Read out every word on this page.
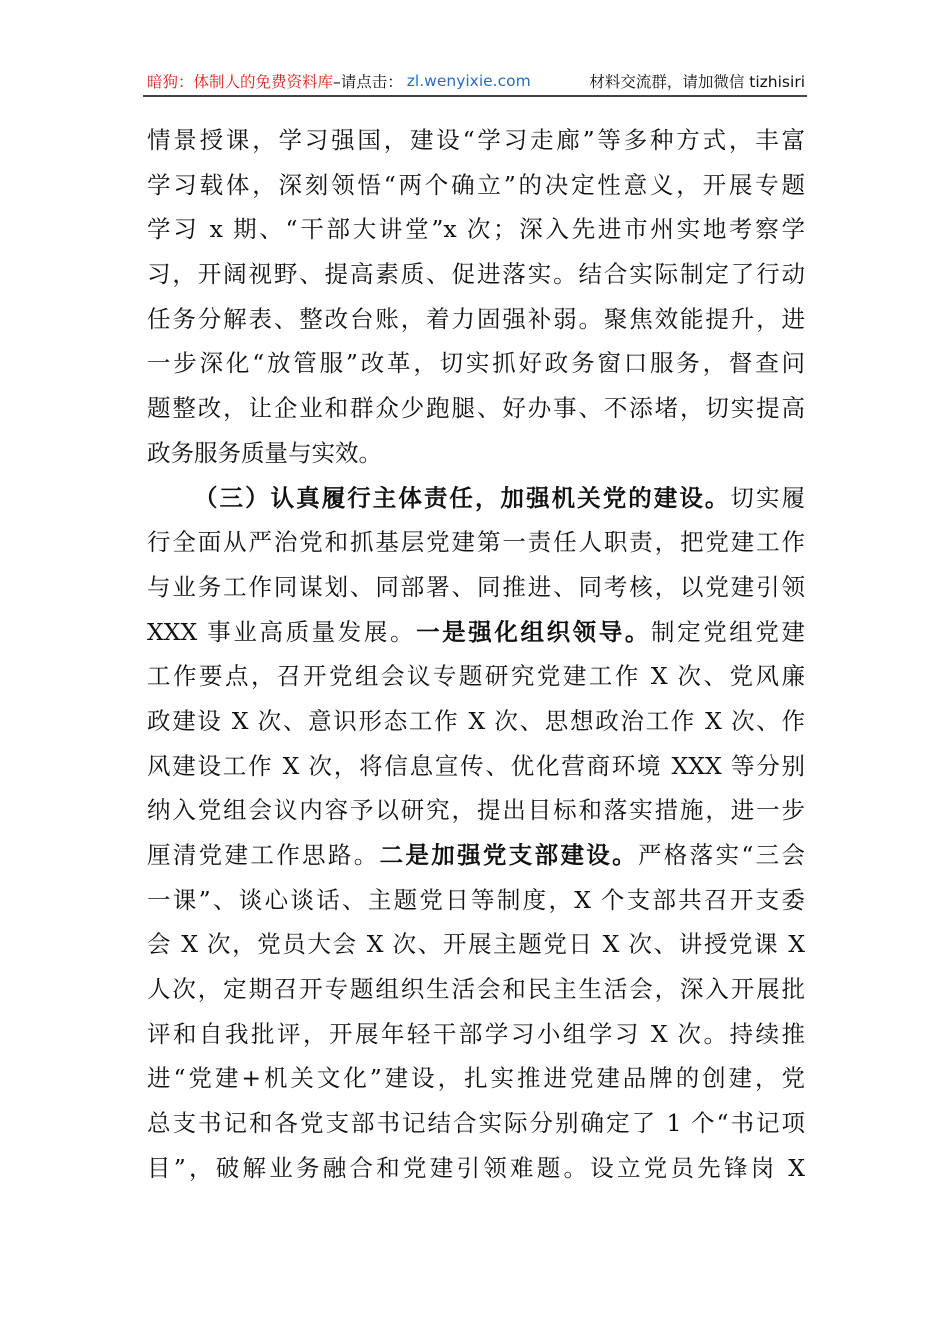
暗狗：体制人的免费资料库 –请点击： zl.wenyixie.com	材料交流群，请加微信 tizhisiri
情景授课，学习强国，建设“学习走廊”等多种方式，丰富
学习载体，深刻领悟“两个确立”的决定性意义，开展专题
学习 x 期、“干部大讲堂”x 次；深入先进市州实地考察学
习，开阔视野、提高素质、促进落实。结合实际制定了行动
任务分解表、整改台账，着力固强补弱。聚焦效能提升，进
一步深化“放管服”改革，切实抓好政务窗口服务，督查问
题整改，让企业和群众少跑腿、好办事、不添堵，切实提高
政务服务质量与实效。
（三）认真履行主体责任，加强机关党的建设。切实履
行全面从严治党和抓基层党建第一责任人职责，把党建工作
与业务工作同谋划、同部署、同推进、同考核，以党建引领
XXX 事业高质量发展。一是强化组织领导。制定党组党建
工作要点，召开党组会议专题研究党建工作 X 次、党风廉
政建设 X 次、意识形态工作 X 次、思想政治工作 X 次、作
风建设工作 X 次，将信息宣传、优化营商环境 XXX 等分别
纳入党组会议内容予以研究，提出目标和落实措施，进一步
厘清党建工作思路。二是加强党支部建设。严格落实“三会
一课”、谈心谈话、主题党日等制度，X 个支部共召开支委
会 X 次，党员大会 X 次、开展主题党日 X 次、讲授党课 X
人次，定期召开专题组织生活会和民主生活会，深入开展批
评和自我批评，开展年轻干部学习小组学习 X 次。持续推
进“党建+机关文化”建设，扎实推进党建品牌的创建，党
总支书记和各党支部书记结合实际分别确定了 1 个“书记项
目”，破解业务融合和党建引领难题。设立党员先锋岗 X
